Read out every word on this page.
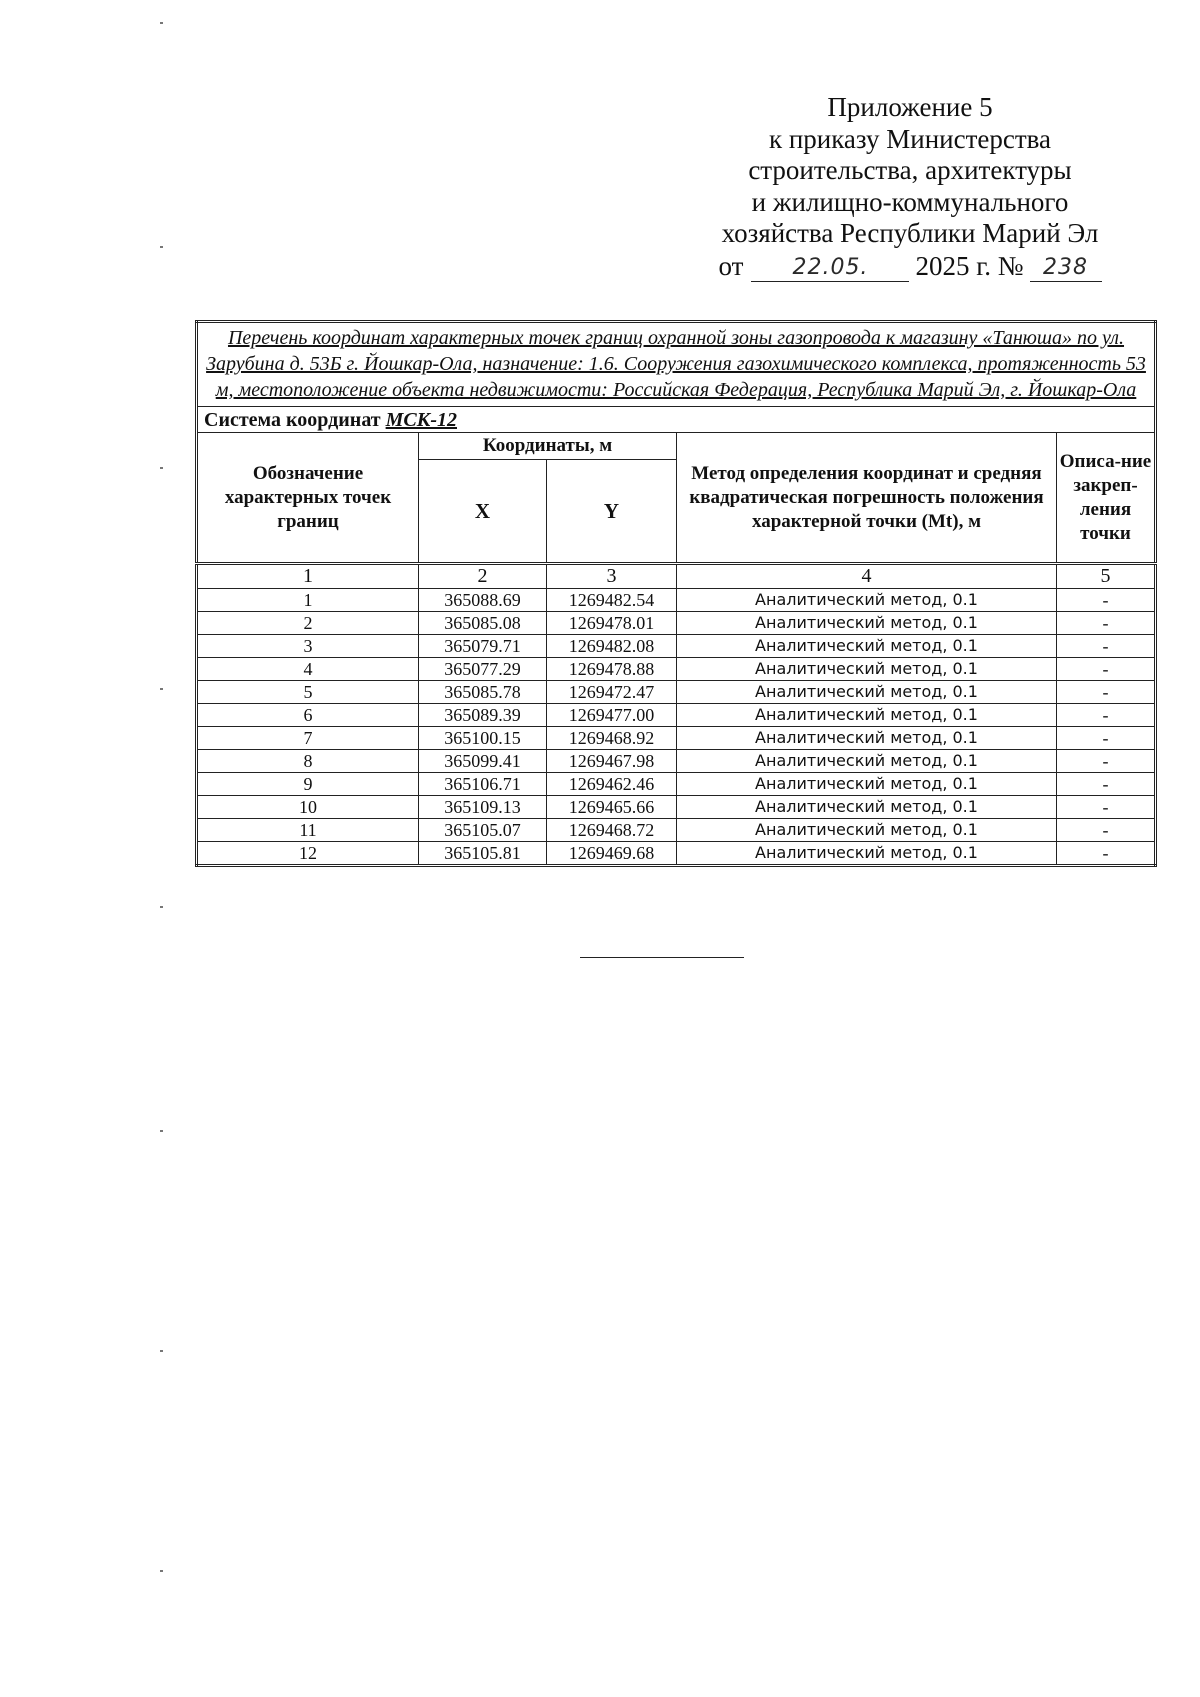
Приложение 5
к приказу Министерства
строительства, архитектуры
и жилищно-коммунального
хозяйства Республики Марий Эл
от	22.05.	2025 г. № 238
Перечень координат характерных точек границ охранной зоны газопровода к магазину «Танюша» по ул. Зарубина д. 53Б г. Йошкар-Ола, назначение: 1.6. Сооружения газохимического комплекса, протяженность 53 м, местоположение объекта недвижимости: Российская Федерация, Республика Марий Эл, г. Йошкар-Ола				
Система координат МСК-12				
Обозначение характерных точек границ	Координаты, м		Метод определения координат и средняя квадратическая погрешность положения характерной точки (Mt), м	Описа-ние закреп-ления точки
	X	Y		
1	2	3	4	5
1	365088.69	1269482.54	Аналитический метод, 0.1	-
2	365085.08	1269478.01	Аналитический метод, 0.1	-
3	365079.71	1269482.08	Аналитический метод, 0.1	-
4	365077.29	1269478.88	Аналитический метод, 0.1	-
5	365085.78	1269472.47	Аналитический метод, 0.1	-
6	365089.39	1269477.00	Аналитический метод, 0.1	-
7	365100.15	1269468.92	Аналитический метод, 0.1	-
8	365099.41	1269467.98	Аналитический метод, 0.1	-
9	365106.71	1269462.46	Аналитический метод, 0.1	-
10	365109.13	1269465.66	Аналитический метод, 0.1	-
11	365105.07	1269468.72	Аналитический метод, 0.1	-
12	365105.81	1269469.68	Аналитический метод, 0.1	-
